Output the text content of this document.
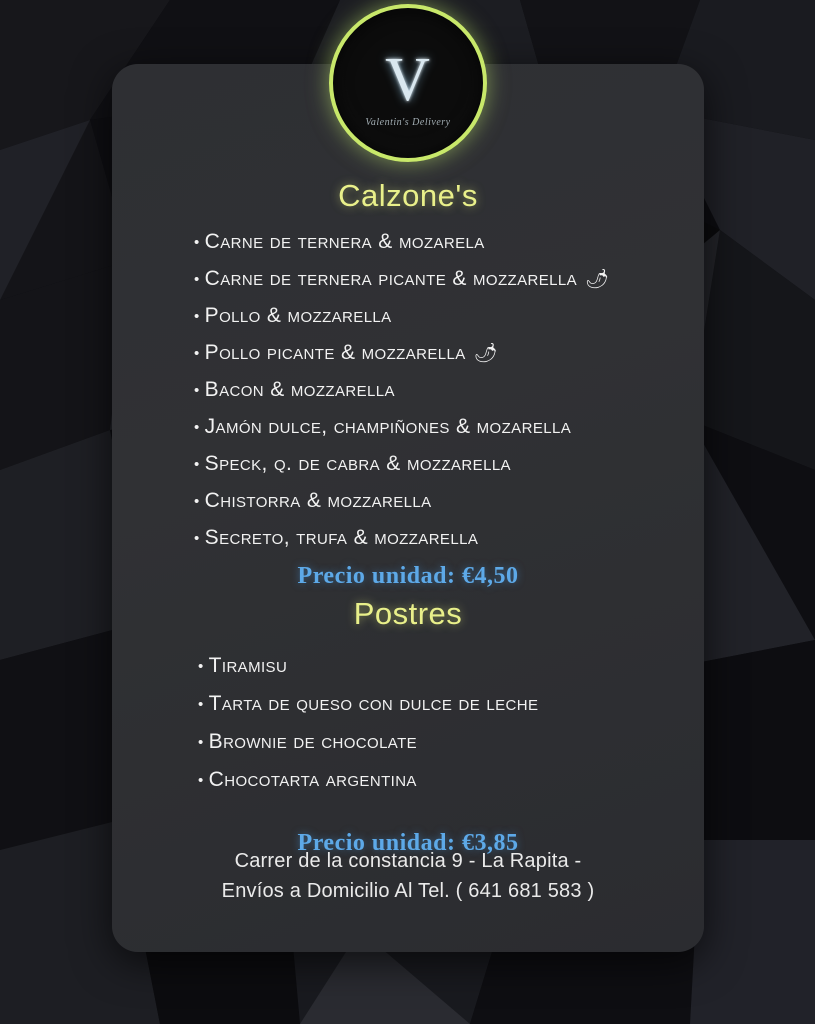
Calzone's
• Carne de ternera & mozarela
• Carne de ternera picante & mozzarella 🌶
• Pollo & mozzarella
• Pollo picante & mozzarella 🌶
• Bacon & mozzarella
• Jamón dulce, champiñones & mozarella
• Speck, q. de cabra & mozzarella
• Chistorra & mozzarella
• Secreto, trufa & mozzarella
Precio unidad: €4,50
Postres
• Tiramisu
• Tarta de queso con dulce de leche
• Brownie de chocolate
• Chocotarta argentina
Precio unidad: €3,85
Carrer de la constancia 9 - La Rapita -
Envíos a Domicilio Al Tel. ( 641 681 583 )
V
Valentin's Delivery
